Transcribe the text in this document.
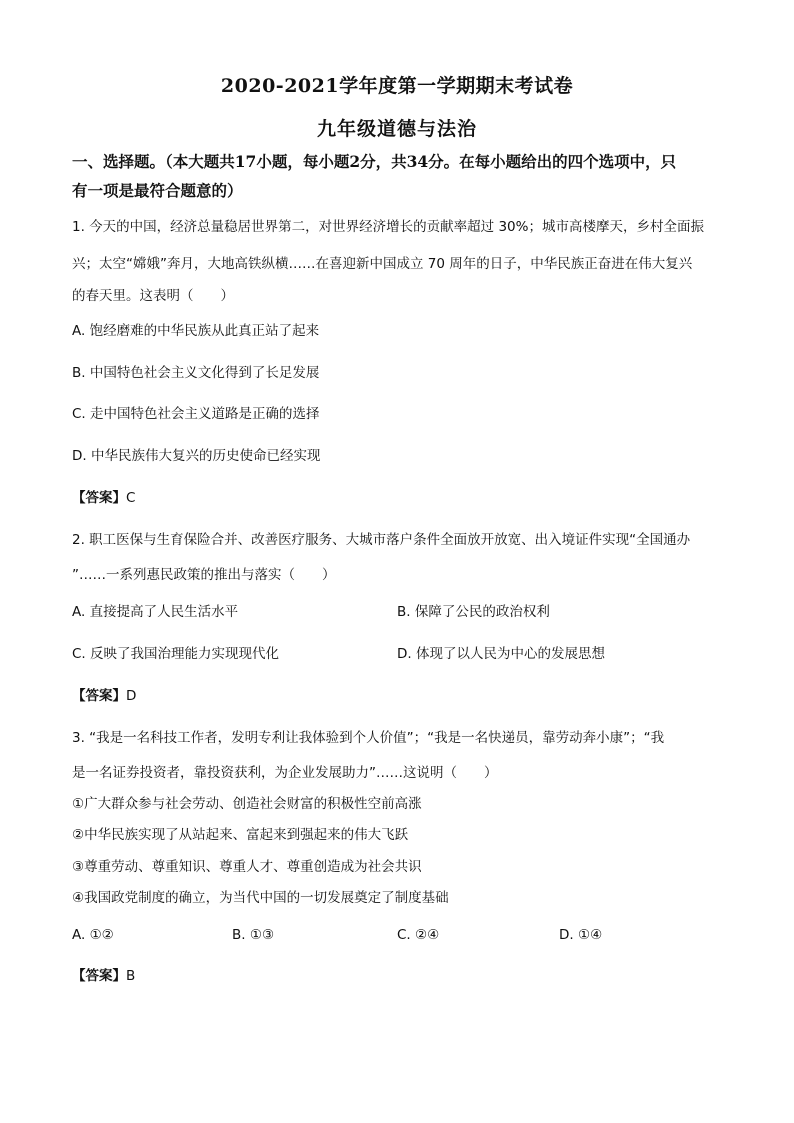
2020-2021学年度第一学期期末考试卷
九年级道德与法治
一、选择题。（本大题共17小题，每小题2分，共34分。在每小题给出的四个选项中，只
有一项是最符合题意的）
1. 今天的中国，经济总量稳居世界第二，对世界经济增长的贡献率超过 30%；城市高楼摩天，乡村全面振
兴；太空“嫦娥”奔月，大地高铁纵横……在喜迎新中国成立 70 周年的日子，中华民族正奋进在伟大复兴
的春天里。这表明（　　）
A. 饱经磨难的中华民族从此真正站了起来
B. 中国特色社会主义文化得到了长足发展
C. 走中国特色社会主义道路是正确的选择
D. 中华民族伟大复兴的历史使命已经实现
【答案】C
2. 职工医保与生育保险合并、改善医疗服务、大城市落户条件全面放开放宽、出入境证件实现“全国通办
”……一系列惠民政策的推出与落实（　　）
A. 直接提高了人民生活水平	B. 保障了公民的政治权利
C. 反映了我国治理能力实现现代化	D. 体现了以人民为中心的发展思想
【答案】D
3. “我是一名科技工作者，发明专利让我体验到个人价值”；“我是一名快递员，靠劳动奔小康”；“我
是一名证券投资者，靠投资获利，为企业发展助力”……这说明（　　）
①广大群众参与社会劳动、创造社会财富的积极性空前高涨
②中华民族实现了从站起来、富起来到强起来的伟大飞跃
③尊重劳动、尊重知识、尊重人才、尊重创造成为社会共识
④我国政党制度的确立，为当代中国的一切发展奠定了制度基础
A. ①②	B. ①③	C. ②④	D. ①④
【答案】B
